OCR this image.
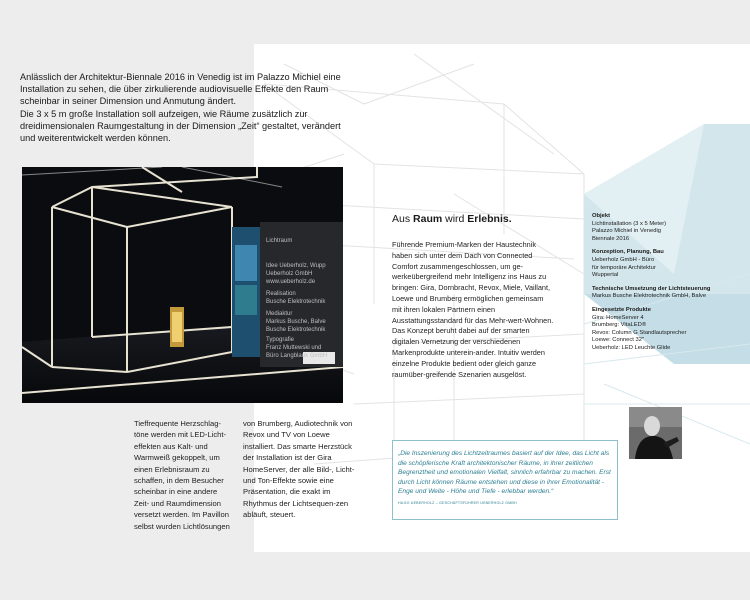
Anlässlich der Architektur-Biennale 2016 in Venedig ist im Palazzo Michiel eine Installation zu sehen, die über zirkulierende audiovisuelle Effekte den Raum scheinbar in seiner Dimension und Anmutung ändert.

Die 3 x 5 m große Installation soll aufzeigen, wie Räume zusätzlich zur dreidimensionalen Raumgestaltung in der Dimension „Zeit“ gestaltet, verändert und weiterentwickelt werden können.

Lichtraum
Idee Ueberholz, Wupp
Ueberholz GmbH
www.ueberholz.de
Realisation
Busche Elektrotechnik
Mediaktur
Markus Busche, Balve
Busche Elektrotechnik
Typografie
Franz Muttewski und
Büro Langblaux GmbH
Tieffrequente Herzschlag-töne werden mit LED-Licht-effekten aus Kalt- und Warmweiß gekoppelt, um einen Erlebnisraum zu schaffen, in dem Besucher scheinbar in eine andere Zeit- und Raumdimension versetzt werden. Im Pavillon selbst wurden Lichtlösungen
von Brumberg, Audiotechnik von Revox und TV von Loewe installiert. Das smarte Herzstück der Installation ist der Gira HomeServer, der alle Bild-, Licht- und Ton-Effekte sowie eine Präsentation, die exakt im Rhythmus der Lichtsequen-zen abläuft, steuert.
Aus Raum wird Erlebnis.
Führende Premium-Marken der Haustechnik haben sich unter dem Dach von Connected Comfort zusammengeschlossen, um ge-werkeübergreifend mehr Intelligenz ins Haus zu bringen: Gira, Dornbracht, Revox, Miele, Vaillant, Loewe und Brumberg ermöglichen gemeinsam mit ihren lokalen Partnern einen Ausstattungsstandard für das Mehr-wert-Wohnen. Das Konzept beruht dabei auf der smarten digitalen Vernetzung der verschiedenen Markenprodukte unterein-ander. Intuitiv werden einzelne Produkte bedient oder gleich ganze raumüber-greifende Szenarien ausgelöst.
Objekt
Lichtinstallation (3 x 5 Meter)
Palazzo Michiel in Venedig
Biennale 2016
Konzeption, Planung, Bau
Ueberholz GmbH - Büro
für temporäre Architektur
Wuppertal
Technische Umsetzung der Lichtsteuerung
Markus Busche Elektrotechnik GmbH, Balve
Eingesetzte Produkte
Gira: HomeServer 4
Brumberg: VitaLED®
Revox: Column G Standlautsprecher
Loewe: Connect 32"
Ueberholz: LED Leuchte Glide
„Die Inszenierung des Lichtzeitraumes basiert auf der Idee, das Licht als die schöpferische Kraft architektonischer Räume, in ihrer zeitlichen Begrenztheit und emotionalen Vielfalt, sinnlich erfahrbar zu machen. Erst durch Licht können Räume entstehen und diese in ihrer Emotionalität - Enge und Weite - Höhe und Tiefe - erlebbar werden.“
HUGO UEBERHOLZ – GESCHÄFTSFÜHRER UEBERHOLZ GMBH
